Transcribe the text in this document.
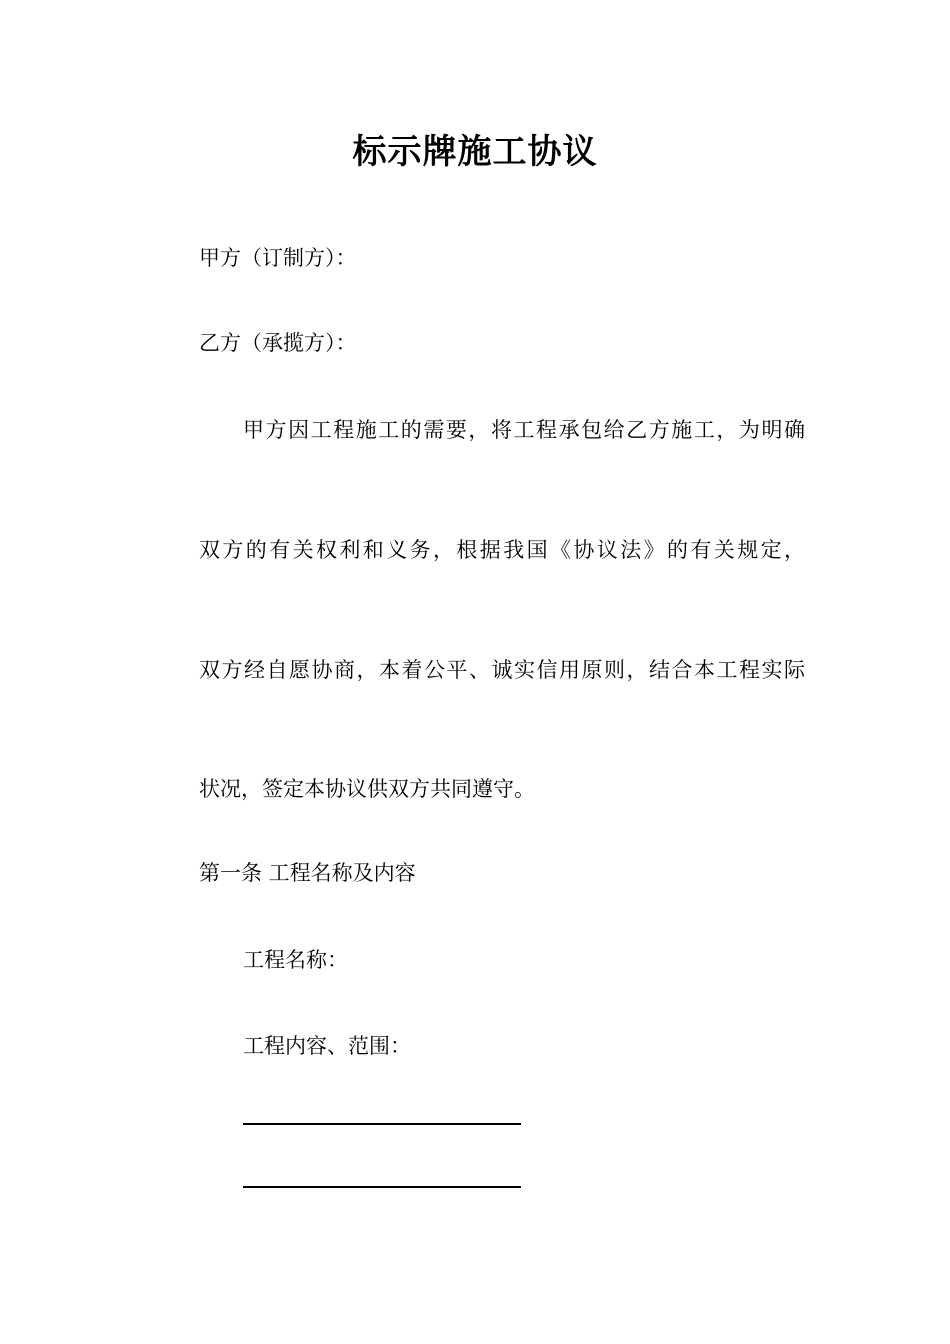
标示牌施工协议
甲方（订制方）：
乙方（承揽方）：
甲方因工程施工的需要，将工程承包给乙方施工，为明确
双方的有关权利和义务，根据我国《协议法》的有关规定，
双方经自愿协商，本着公平、诚实信用原则，结合本工程实际
状况，签定本协议供双方共同遵守。
第一条 工程名称及内容
工程名称：
工程内容、范围：
